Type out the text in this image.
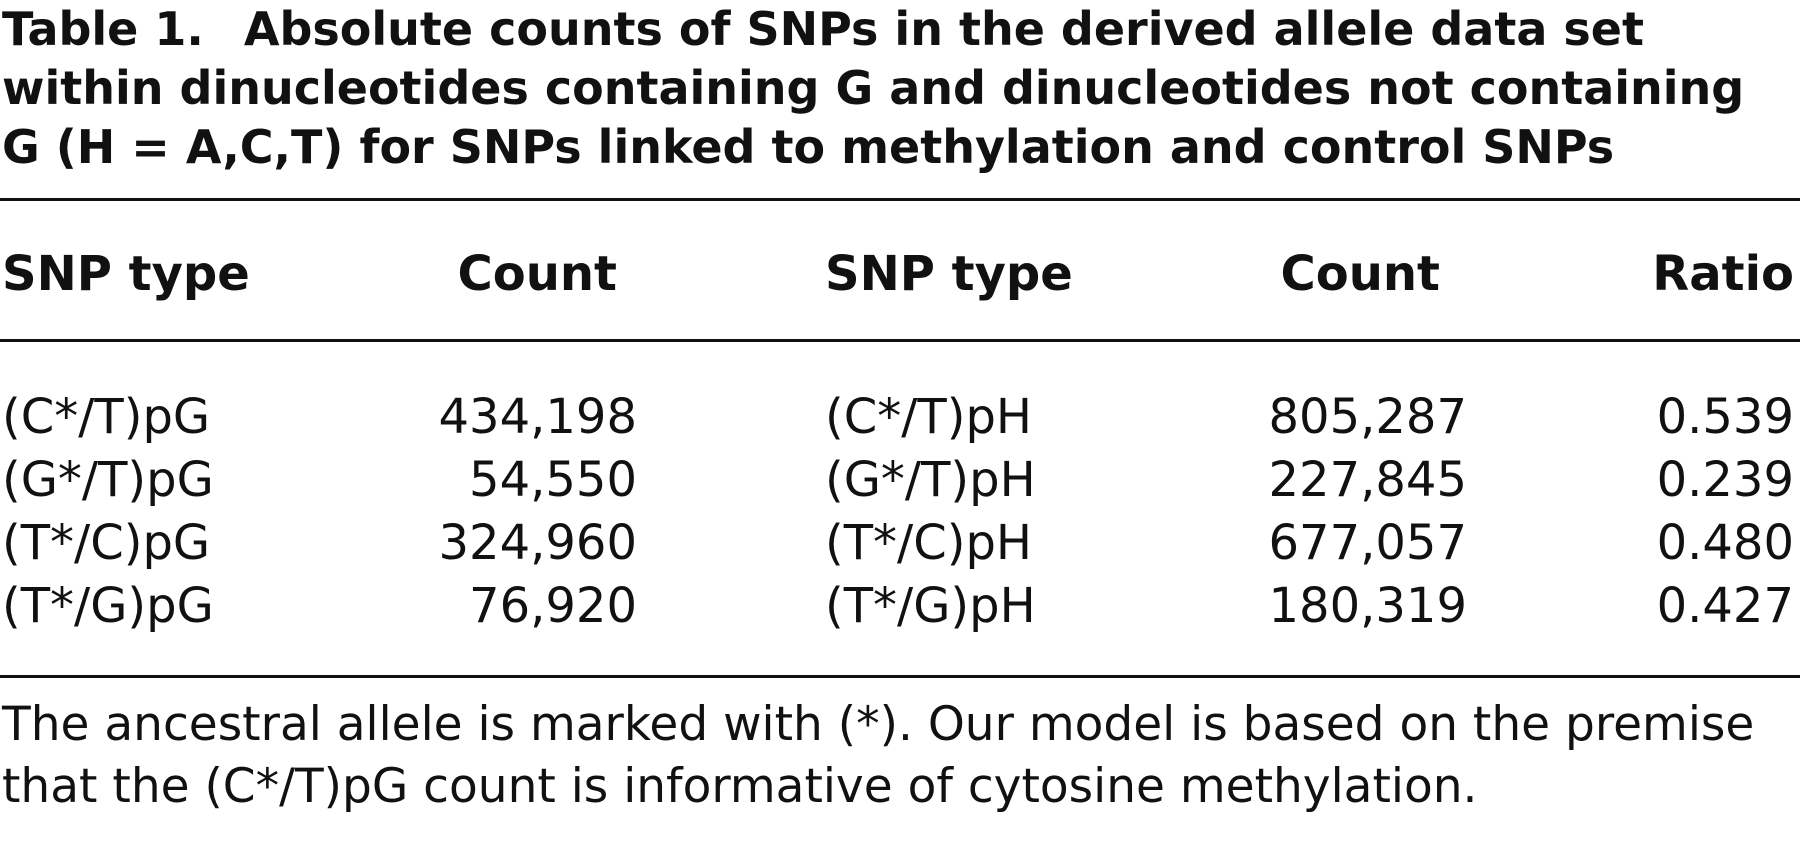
Table 1. Absolute counts of SNPs in the derived allele data set within dinucleotides containing G and dinucleotides not containing G (H = A,C,T) for SNPs linked to methylation and control SNPs
SNP type	Count	SNP type	Count	Ratio
(C*/T)pG	434,198	(C*/T)pH	805,287	0.539
(G*/T)pG	54,550	(G*/T)pH	227,845	0.239
(T*/C)pG	324,960	(T*/C)pH	677,057	0.480
(T*/G)pG	76,920	(T*/G)pH	180,319	0.427
The ancestral allele is marked with (*). Our model is based on the premise that the (C*/T)pG count is informative of cytosine methylation.
